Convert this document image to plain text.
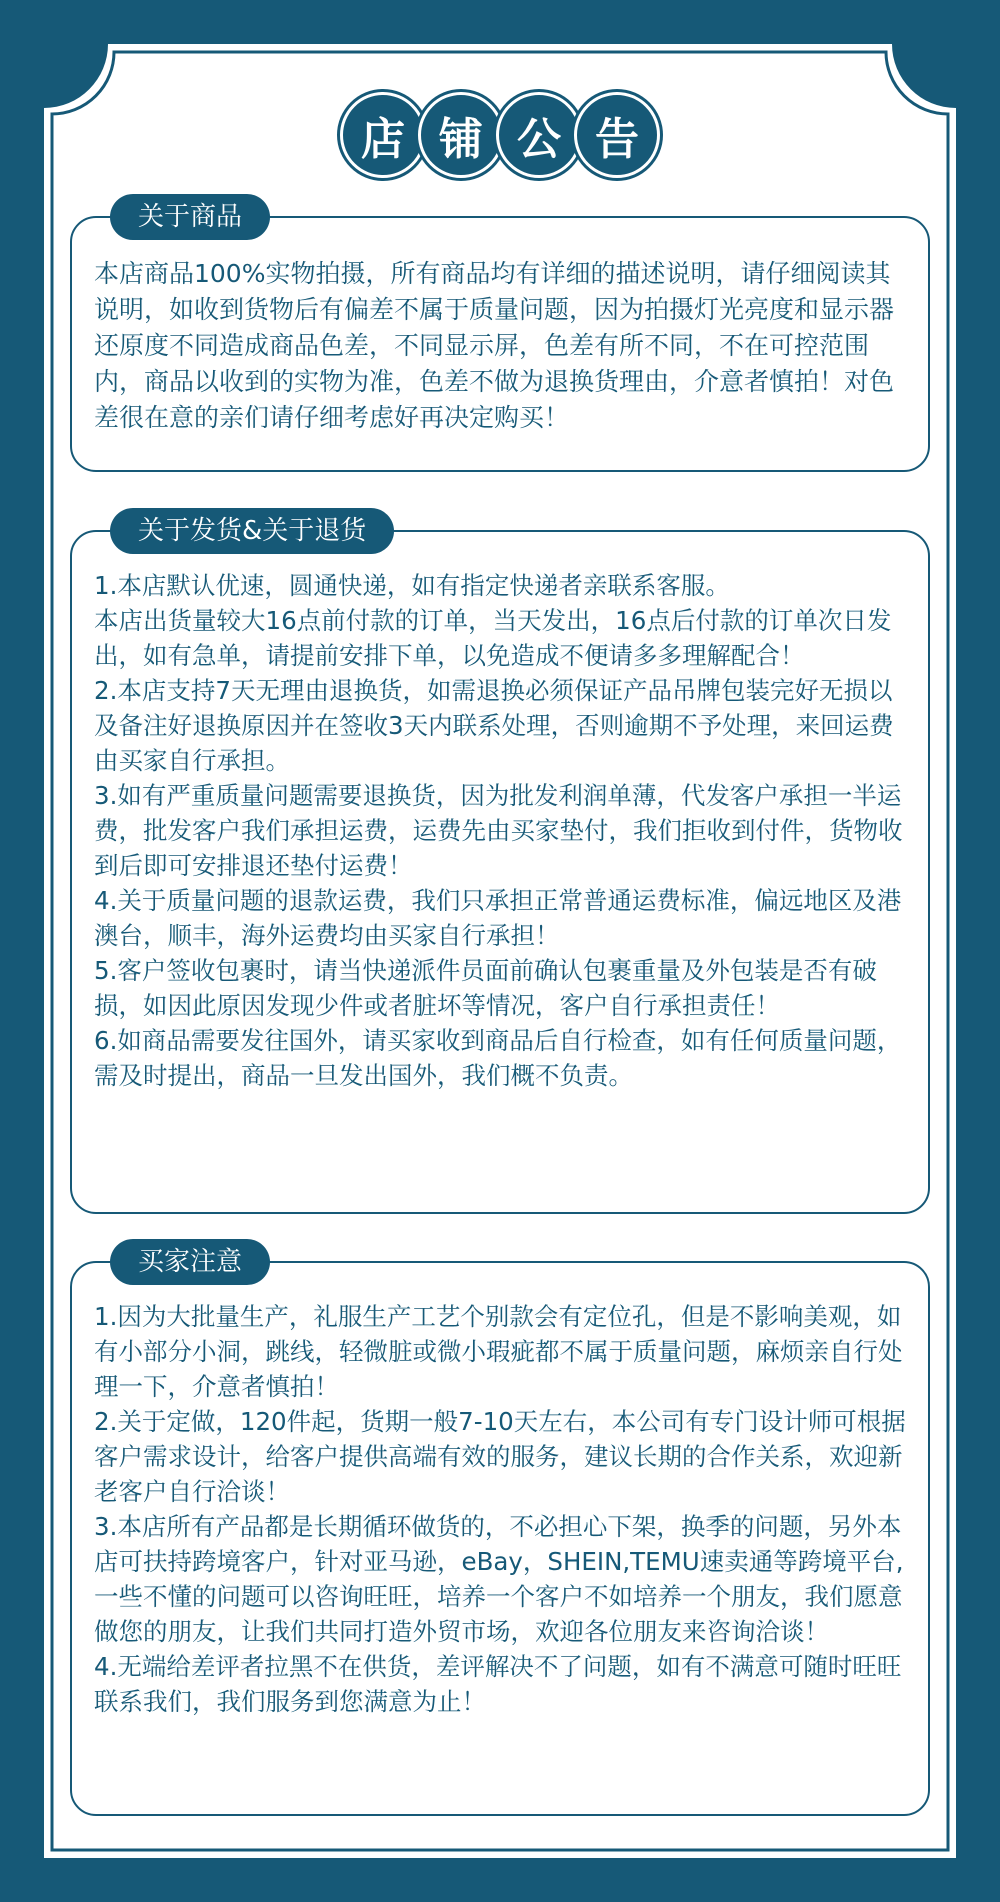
店 铺 公 告
关于商品

本店商品100%实物拍摄，所有商品均有详细的描述说明，请仔细阅读其说明，如收到货物后有偏差不属于质量问题，因为拍摄灯光亮度和显示器还原度不同造成商品色差，不同显示屏，色差有所不同，不在可控范围内，商品以收到的实物为准，色差不做为退换货理由，介意者慎拍！对色差很在意的亲们请仔细考虑好再决定购买！

关于发货&关于退货

1.本店默认优速，圆通快递，如有指定快递者亲联系客服。

本店出货量较大16点前付款的订单，当天发出，16点后付款的订单次日发出，如有急单，请提前安排下单，以免造成不便请多多理解配合！

2.本店支持7天无理由退换货，如需退换必须保证产品吊牌包装完好无损以及备注好退换原因并在签收3天内联系处理，否则逾期不予处理，来回运费由买家自行承担。

3.如有严重质量问题需要退换货，因为批发利润单薄，代发客户承担一半运费，批发客户我们承担运费，运费先由买家垫付，我们拒收到付件，货物收到后即可安排退还垫付运费！

4.关于质量问题的退款运费，我们只承担正常普通运费标准，偏远地区及港澳台，顺丰，海外运费均由买家自行承担！

5.客户签收包裹时，请当快递派件员面前确认包裹重量及外包装是否有破损，如因此原因发现少件或者脏坏等情况，客户自行承担责任！

6.如商品需要发往国外，请买家收到商品后自行检查，如有任何质量问题，需及时提出，商品一旦发出国外，我们概不负责。

买家注意

1.因为大批量生产，礼服生产工艺个别款会有定位孔，但是不影响美观，如有小部分小洞，跳线，轻微脏或微小瑕疵都不属于质量问题，麻烦亲自行处理一下，介意者慎拍！

2.关于定做，120件起，货期一般7-10天左右，本公司有专门设计师可根据客户需求设计，给客户提供高端有效的服务，建议长期的合作关系，欢迎新老客户自行洽谈！

3.本店所有产品都是长期循环做货的，不必担心下架，换季的问题，另外本店可扶持跨境客户，针对亚马逊，eBay，SHEIN,TEMU速卖通等跨境平台,一些不懂的问题可以咨询旺旺，培养一个客户不如培养一个朋友，我们愿意做您的朋友，让我们共同打造外贸市场，欢迎各位朋友来咨询洽谈！

4.无端给差评者拉黑不在供货，差评解决不了问题，如有不满意可随时旺旺联系我们，我们服务到您满意为止！
